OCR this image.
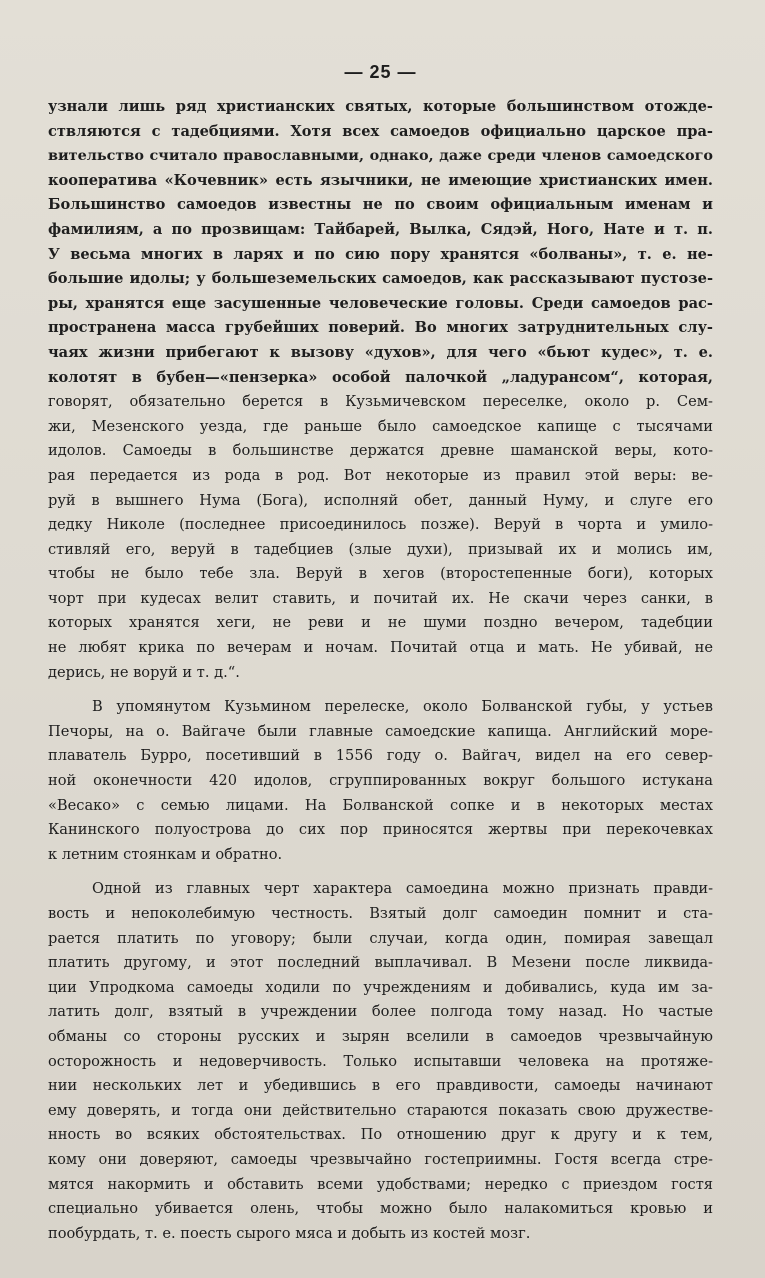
— 25 —
узнали лишь ряд христианских святых, которые большинством отожде-
ствляются с тадебциями. Хотя всех самоедов официально царское пра-
вительство считало православными, однако, даже среди членов самоедского
кооператива «Кочевник» есть язычники, не имеющие христианских имен.
Большинство самоедов известны не по своим официальным именам и
фамилиям, а по прозвищам: Тайбарей, Вылка, Сядэй, Ного, Нате и т. п.
У весьма многих в ларях и по сию пору хранятся «болваны», т. е. не-
большие идолы; у большеземельских самоедов, как рассказывают пустозе-
ры, хранятся еще засушенные человеческие головы. Среди самоедов рас-
пространена масса грубейших поверий. Во многих затруднительных слу-
чаях жизни прибегают к вызову «духов», для чего «бьют кудес», т. е.
колотят в бубен—«пензерка» особой палочкой „ладурансом“, которая,
говорят, обязательно берется в Кузьмичевском переселке, около р. Сем-
жи, Мезенского уезда, где раньше было самоедское капище с тысячами
идолов. Самоеды в большинстве держатся древне шаманской веры, кото-
рая передается из рода в род. Вот некоторые из правил этой веры: ве-
руй в вышнего Нума (Бога), исполняй обет, данный Нуму, и слуге его
дедку Николе (последнее присоединилось позже). Веруй в чорта и умило-
стивляй его, веруй в тадебциев (злые духи), призывай их и молись им,
чтобы не было тебе зла. Веруй в хегов (второстепенные боги), которых
чорт при кудесах велит ставить, и почитай их. Не скачи через санки, в
которых хранятся хеги, не реви и не шуми поздно вечером, тадебции
не любят крика по вечерам и ночам. Почитай отца и мать. Не убивай, не
дерись, не воруй и т. д.“.
В упомянутом Кузьмином перелеске, около Болванской губы, у устьев
Печоры, на о. Вайгаче были главные самоедские капища. Английский море-
плаватель Бурро, посетивший в 1556 году о. Вайгач, видел на его север-
ной оконечности 420 идолов, сгруппированных вокруг большого истукана
«Весако» с семью лицами. На Болванской сопке и в некоторых местах
Канинского полуострова до сих пор приносятся жертвы при перекочевках
к летним стоянкам и обратно.
Одной из главных черт характера самоедина можно признать правди-
вость и непоколебимую честность. Взятый долг самоедин помнит и ста-
рается платить по уговору; были случаи, когда один, помирая завещал
платить другому, и этот последний выплачивал. В Мезени после ликвида-
ции Упродкома самоеды ходили по учреждениям и добивались, куда им за-
латить долг, взятый в учреждении более полгода тому назад. Но частые
обманы со стороны русских и зырян вселили в самоедов чрезвычайную
осторожность и недоверчивость. Только испытавши человека на протяже-
нии нескольких лет и убедившись в его правдивости, самоеды начинают
ему доверять, и тогда они действительно стараются показать свою дружестве-
нность во всяких обстоятельствах. По отношению друг к другу и к тем,
кому они доверяют, самоеды чрезвычайно гостеприимны. Гостя всегда стре-
мятся накормить и обставить всеми удобствами; нередко с приездом гостя
специально убивается олень, чтобы можно было налакомиться кровью и
пообурдать, т. е. поесть сырого мяса и добыть из костей мозг.
